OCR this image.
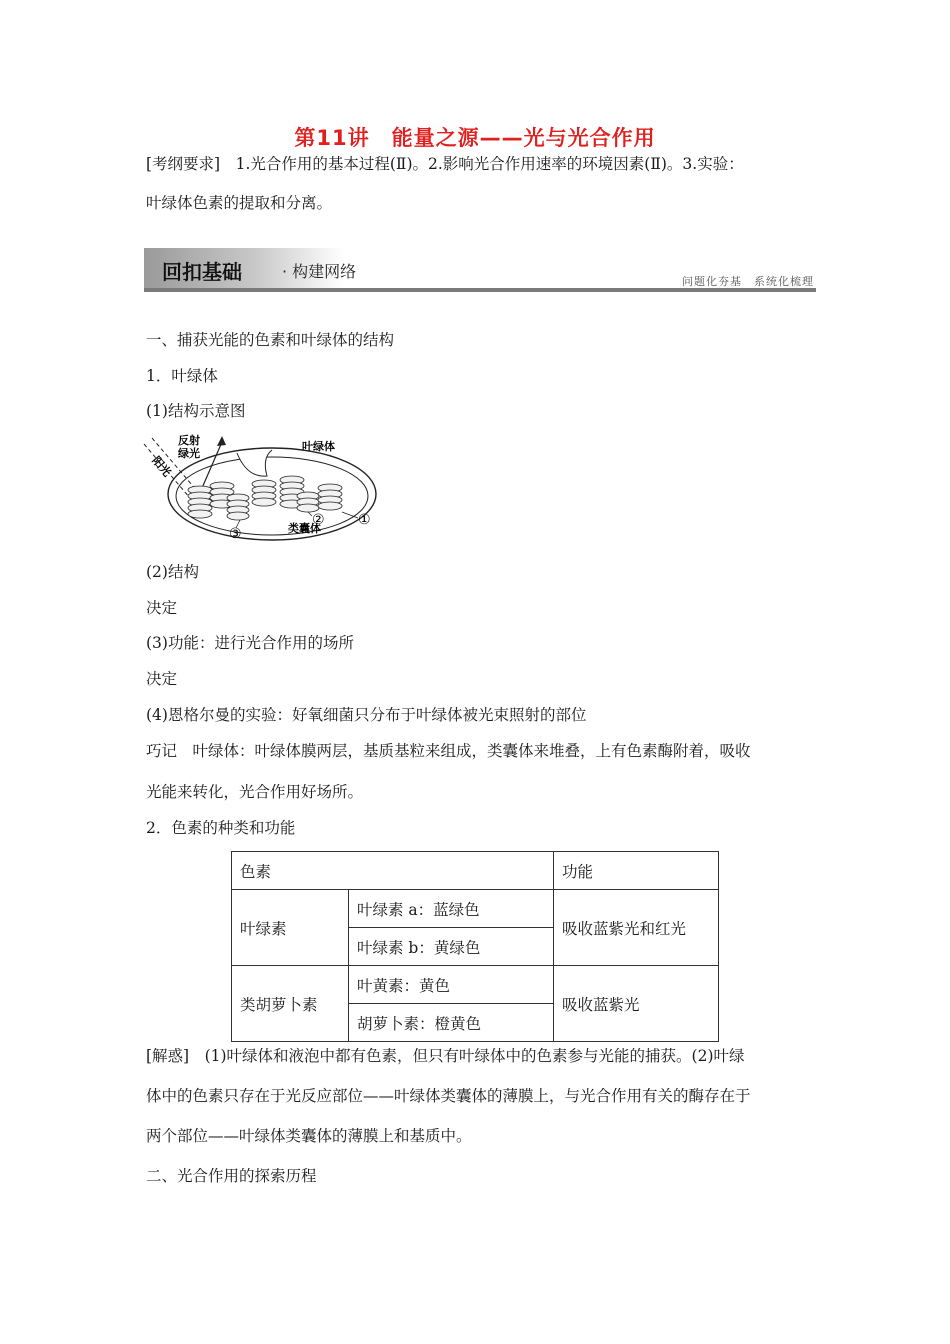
第11讲　能量之源——光与光合作用
[考纲要求]　1.光合作用的基本过程(Ⅱ)。2.影响光合作用速率的环境因素(Ⅱ)。3.实验：
叶绿体色素的提取和分离。
回扣基础	· 构建网络
问题化夯基　系统化梳理
一、捕获光能的色素和叶绿体的结构
1．叶绿体
(1)结构示意图
反射
绿光
阳光
叶绿体
类囊体
①
②
③
(2)结构
决定
(3)功能：进行光合作用的场所
决定
(4)恩格尔曼的实验：好氧细菌只分布于叶绿体被光束照射的部位
巧记　叶绿体：叶绿体膜两层，基质基粒来组成，类囊体来堆叠，上有色素酶附着，吸收
光能来转化，光合作用好场所。
2．色素的种类和功能
色素		功能
叶绿素	叶绿素 a：蓝绿色	吸收蓝紫光和红光
	叶绿素 b：黄绿色	
类胡萝卜素	叶黄素：黄色	吸收蓝紫光
	胡萝卜素：橙黄色	
[解惑]　(1)叶绿体和液泡中都有色素，但只有叶绿体中的色素参与光能的捕获。(2)叶绿
体中的色素只存在于光反应部位——叶绿体类囊体的薄膜上，与光合作用有关的酶存在于
两个部位——叶绿体类囊体的薄膜上和基质中。
二、光合作用的探索历程
